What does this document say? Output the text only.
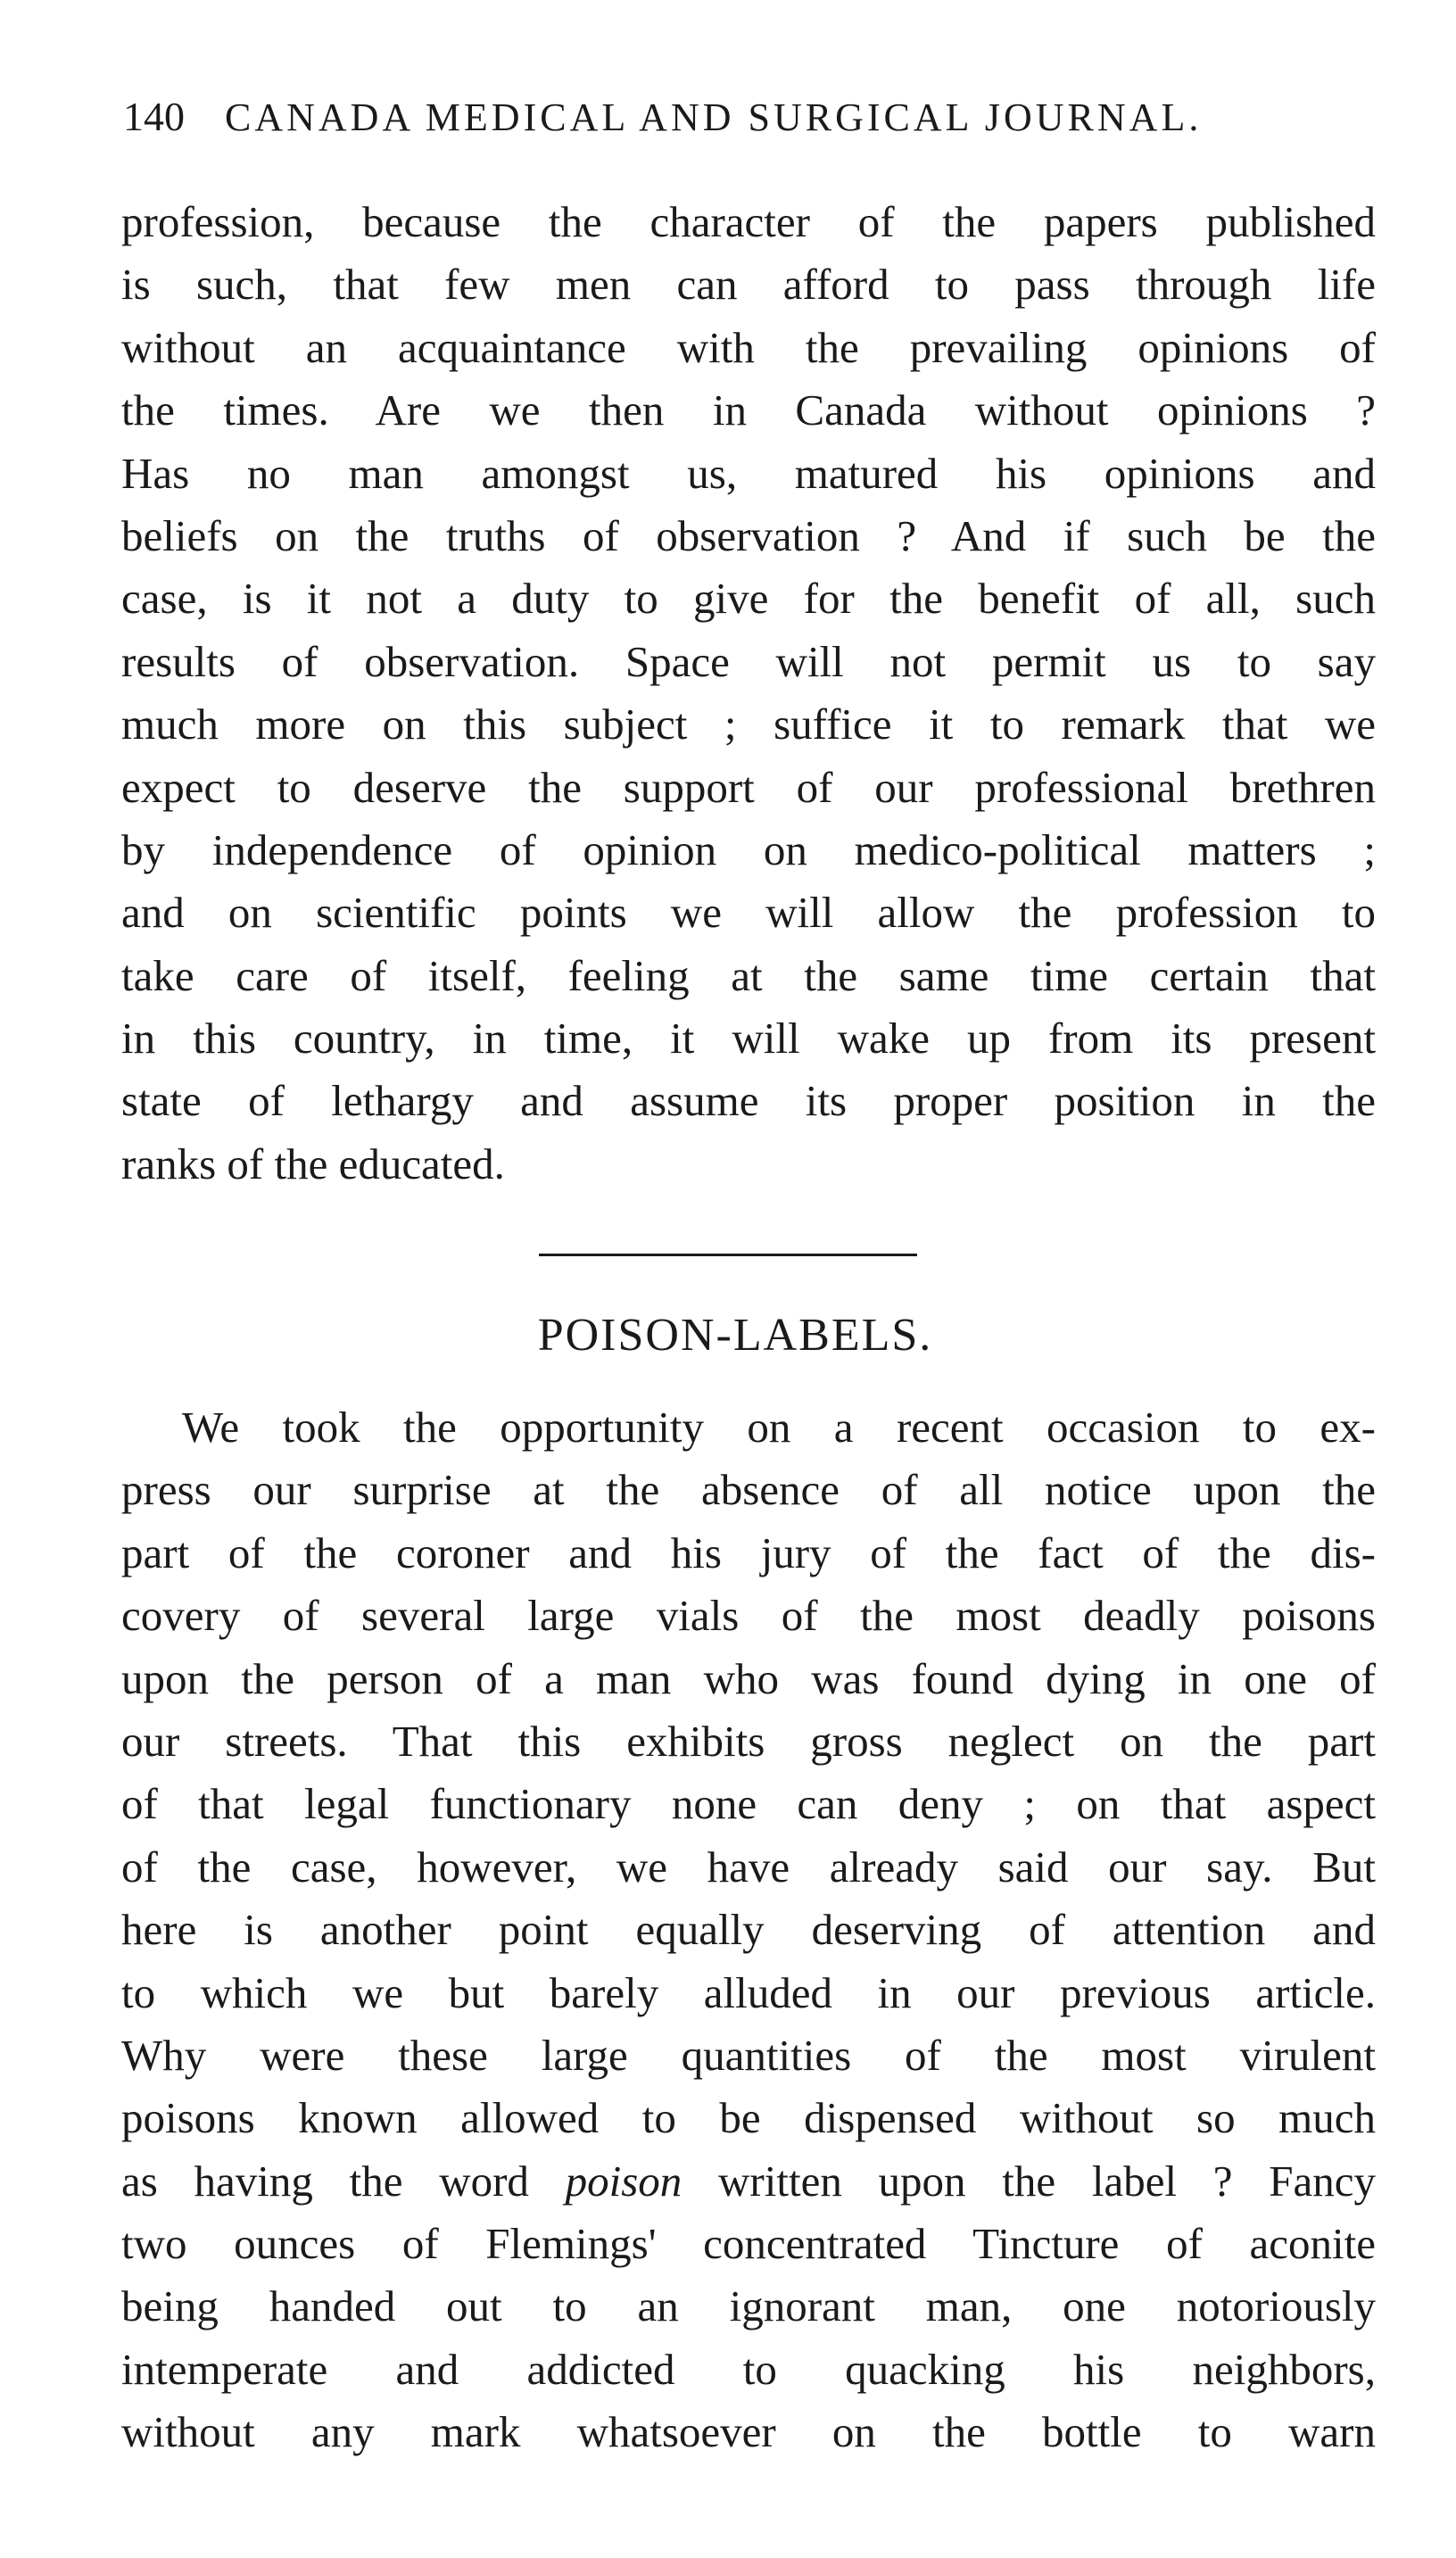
140 CANADA MEDICAL AND SURGICAL JOURNAL.
profession, because the character of the papers published
is such, that few men can afford to pass through life
without an acquaintance with the prevailing opinions of
the times. Are we then in Canada without opinions ?
Has no man amongst us, matured his opinions and
beliefs on the truths of observation ? And if such be the
case, is it not a duty to give for the benefit of all, such
results of observation. Space will not permit us to say
much more on this subject ; suffice it to remark that we
expect to deserve the support of our professional brethren
by independence of opinion on medico-political matters ;
and on scientific points we will allow the profession to
take care of itself, feeling at the same time certain that
in this country, in time, it will wake up from its present
state of lethargy and assume its proper position in the
ranks of the educated.
POISON-LABELS.
We took the opportunity on a recent occasion to ex-
press our surprise at the absence of all notice upon the
part of the coroner and his jury of the fact of the dis-
covery of several large vials of the most deadly poisons
upon the person of a man who was found dying in one of
our streets. That this exhibits gross neglect on the part
of that legal functionary none can deny ; on that aspect
of the case, however, we have already said our say. But
here is another point equally deserving of attention and
to which we but barely alluded in our previous article.
Why were these large quantities of the most virulent
poisons known allowed to be dispensed without so much
as having the word poison written upon the label ? Fancy
two ounces of Flemings' concentrated Tincture of aconite
being handed out to an ignorant man, one notoriously
intemperate and addicted to quacking his neighbors,
without any mark whatsoever on the bottle to warn
